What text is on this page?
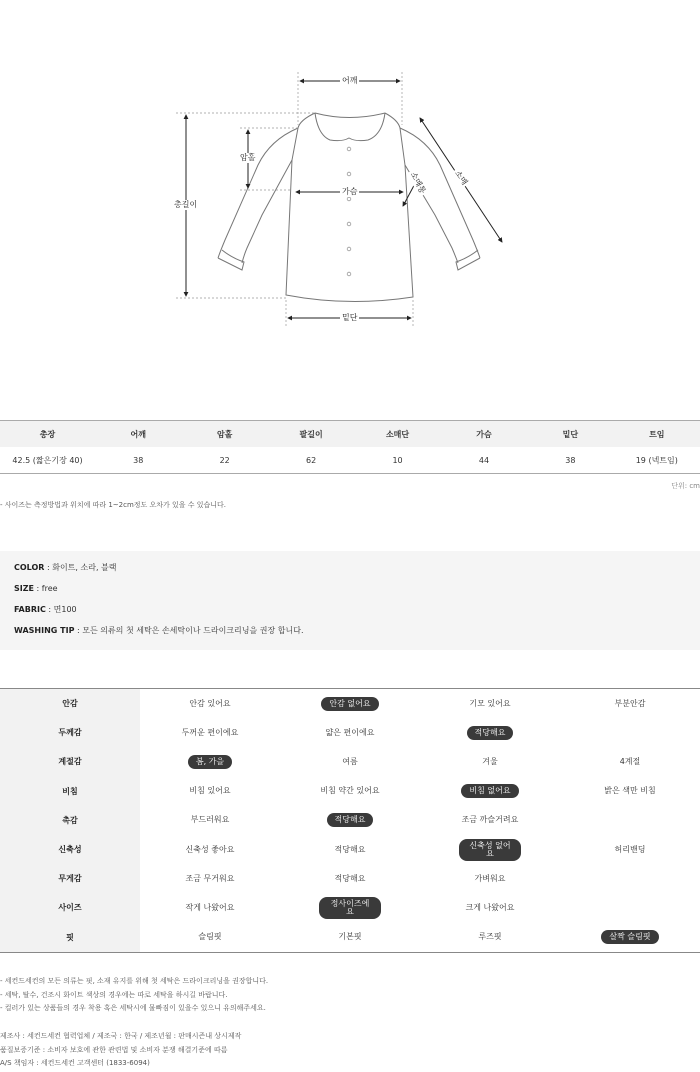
어깨
암홀
총길이
가슴	소매통	소매
밑단
총장	어깨	암홀	팔길이	소매단	가슴	밑단	트임
42.5 (짧은기장 40)	38	22	62	10	44	38	19 (넥트임)
단위: cm
- 사이즈는 측정방법과 위치에 따라 1~2cm정도 오차가 있을 수 있습니다.
COLOR : 화이트, 소라, 블랙
SIZE : free
FABRIC : 면100
WASHING TIP : 모든 의류의 첫 세탁은 손세탁이나 드라이크리닝을 권장 합니다.
안감	안감 있어요	안감 없어요	기모 있어요	부분안감
두께감	두꺼운 편이에요	얇은 편이에요	적당해요
계절감	봄, 가을	여름	겨울	4계절
비침	비침 있어요	비침 약간 있어요	비침 없어요	밝은 색만 비침
촉감	부드러워요	적당해요	조금 까슬거려요
신축성	신축성 좋아요	적당해요	신축성 없어요	허리밴딩
무게감	조금 무거워요	적당해요	가벼워요
사이즈	작게 나왔어요	정사이즈에요	크게 나왔어요
핏	슬림핏	기본핏	루즈핏	살짝 슬림핏
- 세컨드세컨의 모든 의류는 핏, 소재 유지를 위해 첫 세탁은 드라이크리닝을 권장합니다.
- 세탁, 탈수, 건조시 화이트 색상의 경우에는 따로 세탁을 하시길 바랍니다.
- 컬러가 있는 상품들의 경우 착용 혹은 세탁시에 물빠짐이 있을수 있으니 유의해주세요.
제조사 : 세컨드세컨 협력업체 / 제조국 : 한국 / 제조년월 : 판매시즌내 상시제작
품질보증기준 : 소비자 보호에 관한 관련법 및 소비자 분쟁 해결기준에 따름
A/S 책임자 : 세컨드세컨 고객센터 (1833-6094)
